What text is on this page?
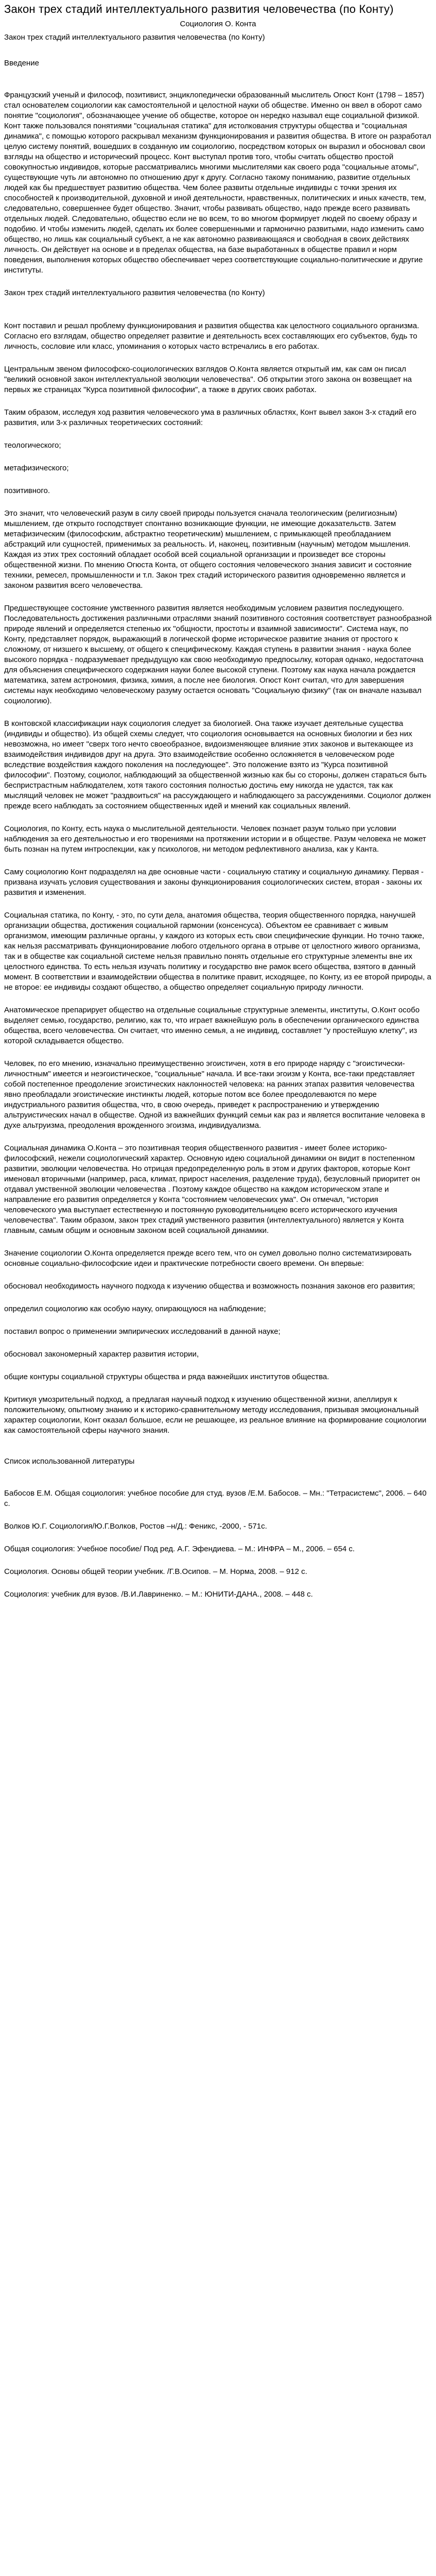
Закон трех стадий интеллектуального развития человечества (по Конту)
Социология О. Конта
Закон трех стадий интеллектуального развития человечества (по Конту)
Введение

Французский ученый и философ, позитивист, энциклопедически образованный мыслитель Огюст Конт (1798 – 1857) стал основателем социологии как самостоятельной и целостной науки об обществе. Именно он ввел в оборот само понятие "социология", обозначающее учение об обществе, которое он нередко называл еще социальной физикой. Конт также пользовался понятиями "социальная статика" для истолкования структуры общества и "социальная динамика", с помощью которого раскрывал механизм функционирования и развития общества. В итоге он разработал целую систему понятий, вошедших в созданную им социологию, посредством которых он выразил и обосновал свои взгляды на общество и исторический процесс. Конт выступал против того, чтобы считать общество простой совокупностью индивидов, которые рассматривались многими мыслителями как своего рода "социальные атомы", существующие чуть ли автономно по отношению друг к другу. Согласно такому пониманию, развитие отдельных людей как бы предшествует развитию общества. Чем более развиты отдельные индивиды с точки зрения их способностей к производительной, духовной и иной деятельности, нравственных, политических и иных качеств, тем, следовательно, совершеннее будет общество. Значит, чтобы развивать общество, надо прежде всего развивать отдельных людей. Следовательно, общество если не во всем, то во многом формирует людей по своему образу и подобию. И чтобы изменить людей, сделать их более совершенными и гармонично развитыми, надо изменить само общество, но лишь как социальный субъект, а не как автономно развивающаяся и свободная в своих действиях личность. Он действует на основе и в пределах общества, на базе выработанных в обществе правил и норм поведения, выполнения которых общество обеспечивает через соответствующие социально-политические и другие институты.

Закон трех стадий интеллектуального развития человечества (по Конту)

Конт поставил и решал проблему функционирования и развития общества как целостного социального организма. Согласно его взглядам, общество определяет развитие и деятельность всех составляющих его субъектов, будь то личность, сословие или класс, упоминания о которых часто встречались в его работах.

Центральным звеном философско-социологических взглядов О.Конта является открытый им, как сам он писал "великий основной закон интеллектуальной эволюции человечества". Об открытии этого закона он возвещает на первых же страницах "Курса позитивной философии", а также в других своих работах.

Таким образом, исследуя ход развития человеческого ума в различных областях, Конт вывел закон 3-х стадий его развития, или 3-х различных теоретических состояний:

теологического;

метафизического;

позитивного.

Это значит, что человеческий разум в силу своей природы пользуется сначала теологическим (религиозным) мышлением, где открыто господствует спонтанно возникающие функции, не имеющие доказательств. Затем метафизическим (философским, абстрактно теоретическим) мышлением, с примыкающей преобладанием абстракций или сущностей, применимых за реальность. И, наконец, позитивным (научным) методом мышления. Каждая из этих трех состояний обладает особой всей социальной организации и произведет все стороны общественной жизни. По мнению Огюста Конта, от общего состояния человеческого знания зависит и состояние техники, ремесел, промышленности и т.п. Закон трех стадий исторического развития одновременно является и законом развития всего человечества.

Предшествующее состояние умственного развития является необходимым условием развития последующего. Последовательность достижения различными отраслями знаний позитивного состояния соответствует разнообразной природе явлений и определяется степенью их "общности, простоты и взаимной зависимости". Система наук, по Конту, представляет порядок, выражающий в логической форме историческое развитие знания от простого к сложному, от низшего к высшему, от общего к специфическому. Каждая ступень в развитии знания - наука более высокого порядка - подразумевает предыдущую как свою необходимую предпосылку, которая однако, недостаточна для объяснения специфического содержания науки более высокой ступени. Поэтому как наука начала рождается математика, затем астрономия, физика, химия, а после нее биология. Огюст Конт считал, что для завершения системы наук необходимо человеческому разуму остается основать "Социальную физику" (так он вначале называл социологию).

В контовской классификации наук социология следует за биологией. Она также изучает деятельные существа (индивиды и общество). Из общей схемы следует, что социология основывается на основных биологии и без них невозможна, но имеет "сверх того нечто своеобразное, видоизменяющее влияние этих законов и вытекающее из взаимодействия индивидов друг на друга. Это взаимодействие особенно осложняется в человеческом роде вследствие воздействия каждого поколения на последующее". Это положение взято из "Курса позитивной философии". Поэтому, социолог, наблюдающий за общественной жизнью как бы со стороны, должен стараться быть беспристрастным наблюдателем, хотя такого состояния полностью достичь ему никогда не удастся, так как мыслящий человек не может "раздвоиться" на рассуждающего и наблюдающего за рассуждениями. Социолог должен прежде всего наблюдать за состоянием общественных идей и мнений как социальных явлений.

Социология, по Конту, есть наука о мыслительной деятельности. Человек познает разум только при условии наблюдения за его деятельностью и его творениями на протяжении истории и в обществе. Разум человека не может быть познан на путем интроспекции, как у психологов, ни методом рефлективного анализа, как у Канта.

Саму социологию Конт подразделял на две основные части - социальную статику и социальную динамику. Первая - призвана изучать условия существования и законы функционирования социологических систем, вторая - законы их развития и изменения.

Социальная статика, по Конту, - это, по сути дела, анатомия общества, теория общественного порядка, нанучшей организации общества, достижения социальной гармонии (консенсуса). Объектом ее сравнивает с живым организмом, имеющим различные органы, у каждого из которых есть свои специфические функции. Но точно также, как нельзя рассматривать функционирование любого отдельного органа в отрыве от целостного живого организма, так и в обществе как социальной системе нельзя правильно понять отдельные его структурные элементы вне их целостного единства. То есть нельзя изучать политику и государство вне рамок всего общества, взятого в данный момент. В соответствии и взаимодействии общества в политике правит, исходящее, по Конту, из ее второй природы, а не второе: ее индивиды создают общество, а общество определяет социальную природу личности.

Анатомическое препарирует общество на отдельные социальные структурные элементы, институты, О.Конт особо выделяет семью, государство, религию, как то, что играет важнейшую роль в обеспечении органического единства общества, всего человечества. Он считает, что именно семья, а не индивид, составляет "у простейшую клетку", из которой складывается общество.

Человек, по его мнению, изначально преимущественно эгоистичен, хотя в его природе наряду с "эгоистически-личностным" имеется и неэгоистическое, "социальные" начала. И все-таки эгоизм у Конта, все-таки представляет собой постепенное преодоление эгоистических наклонностей человека: на ранних этапах развития человечества явно преобладали эгоистические инстинкты людей, которые потом все более преодолеваются по мере индустриального развития общества, что, в свою очередь, приведет к распространению и утверждению альтруистических начал в обществе. Одной из важнейших функций семьи как раз и является воспитание человека в духе альтруизма, преодоления врожденного эгоизма, индивидуализма.

Социальная динамика О.Конта – это позитивная теория общественного развития - имеет более историко-философский, нежели социологический характер. Основную идею социальной динамики он видит в постепенном развитии, эволюции человечества. Но отрицая предопределенную роль в этом и других факторов, которые Конт именовал вторичными (например, раса, климат, прирост населения, разделение труда), безусловный приоритет он отдавал умственной эволюции человечества . Поэтому каждое общество на каждом историческом этапе и направление его развития определяется у Конта "состоянием человеческих ума". Он отмечал, "история человеческого ума выступает естественную и постоянную руководительницею всего исторического изучения человечества". Таким образом, закон трех стадий умственного развития (интеллектуального) является у Конта главным, самым общим и основным законом всей социальной динамики.

Значение социологии О.Конта определяется прежде всего тем, что он сумел довольно полно систематизировать основные социально-философские идеи и практические потребности своего времени. Он впервые:

обосновал необходимость научного подхода к изучению общества и возможность познания законов его развития;

определил социологию как особую науку, опирающуюся на наблюдение;

поставил вопрос о применении эмпирических исследований в данной науке;

обосновал закономерный характер развития истории,

общие контуры социальной структуры общества и ряда важнейших институтов общества.

Критикуя умозрительный подход, а предлагая научный подход к изучению общественной жизни, апеллируя к положительному, опытному знанию и к историко-сравнительному методу исследования, призывая эмоциональный характер социологии, Конт оказал большое, если не решающее, из реальное влияние на формирование социологии как самостоятельной сферы научного знания.

Список использованной литературы

Бабосов Е.М. Общая социология: учебное пособие для студ. вузов /Е.М. Бабосов. – Мн.: "Тетрасистемс", 2006. – 640 с.

Волков Ю.Г. Социология/Ю.Г.Волков, Ростов –н/Д.: Феникс, -2000, - 571с.

Общая социология: Учебное пособие/ Под ред. А.Г. Эфендиева. – М.: ИНФРА – М., 2006. – 654 с.

Социология. Основы общей теории учебник. /Г.В.Осипов. – М. Норма, 2008. – 912 с.

Социология: учебник для вузов. /В.И.Лавриненко. – М.: ЮНИТИ-ДАНА., 2008. – 448 с.
